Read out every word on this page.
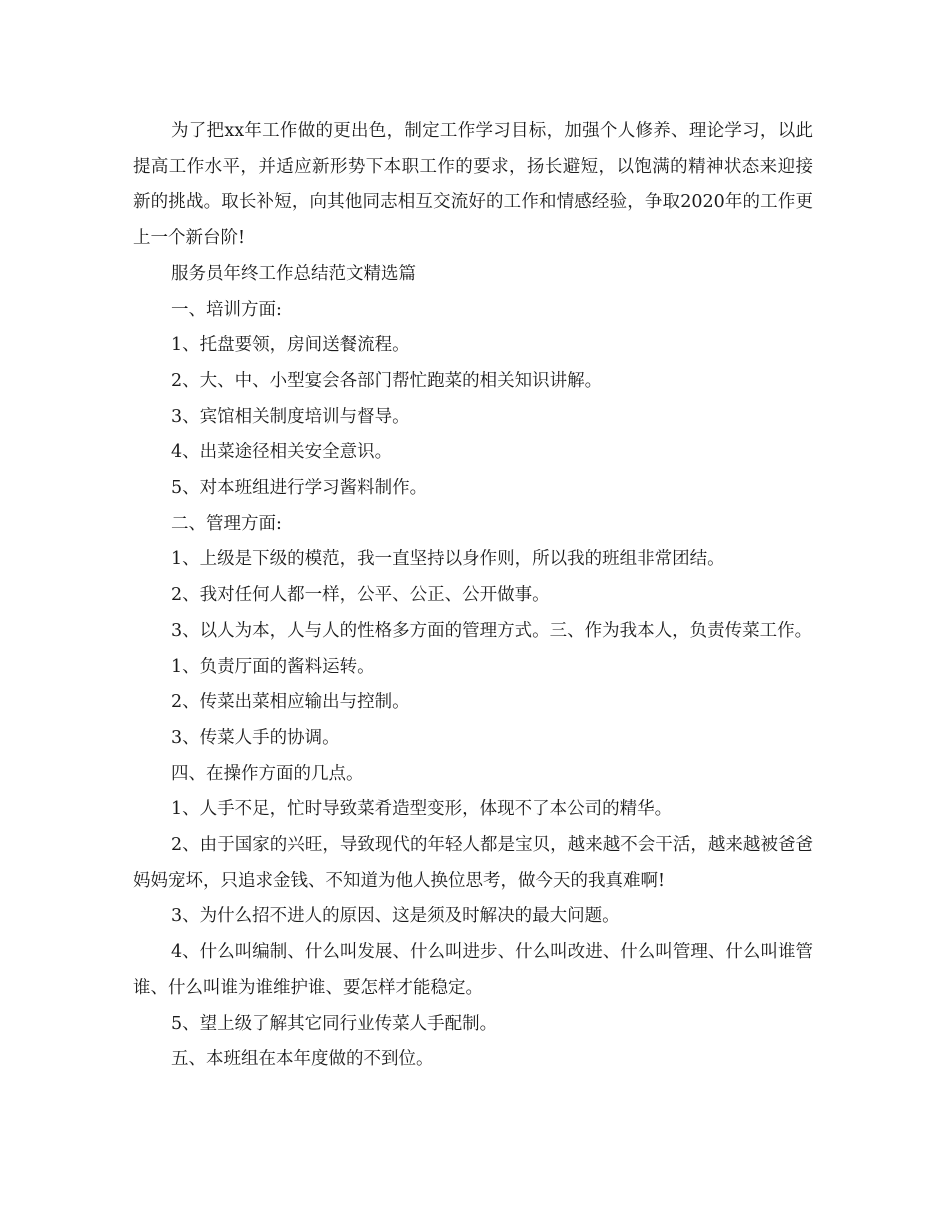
为了把xx年工作做的更出色，制定工作学习目标，加强个人修养、理论学习，以此提高工作水平，并适应新形势下本职工作的要求，扬长避短，以饱满的精神状态来迎接新的挑战。取长补短，向其他同志相互交流好的工作和情感经验，争取2020年的工作更上一个新台阶!

服务员年终工作总结范文精选篇

一、培训方面:

1、托盘要领，房间送餐流程。

2、大、中、小型宴会各部门帮忙跑菜的相关知识讲解。

3、宾馆相关制度培训与督导。

4、出菜途径相关安全意识。

5、对本班组进行学习酱料制作。

二、管理方面:

1、上级是下级的模范，我一直坚持以身作则，所以我的班组非常团结。

2、我对任何人都一样，公平、公正、公开做事。

3、以人为本，人与人的性格多方面的管理方式。三、作为我本人，负责传菜工作。

1、负责厅面的酱料运转。

2、传菜出菜相应输出与控制。

3、传菜人手的协调。

四、在操作方面的几点。

1、人手不足，忙时导致菜肴造型变形，体现不了本公司的精华。

2、由于国家的兴旺，导致现代的年轻人都是宝贝，越来越不会干活，越来越被爸爸妈妈宠坏，只追求金钱、不知道为他人换位思考，做今天的我真难啊!

3、为什么招不进人的原因、这是须及时解决的最大问题。

4、什么叫编制、什么叫发展、什么叫进步、什么叫改进、什么叫管理、什么叫谁管谁、什么叫谁为谁维护谁、要怎样才能稳定。

5、望上级了解其它同行业传菜人手配制。

五、本班组在本年度做的不到位。
